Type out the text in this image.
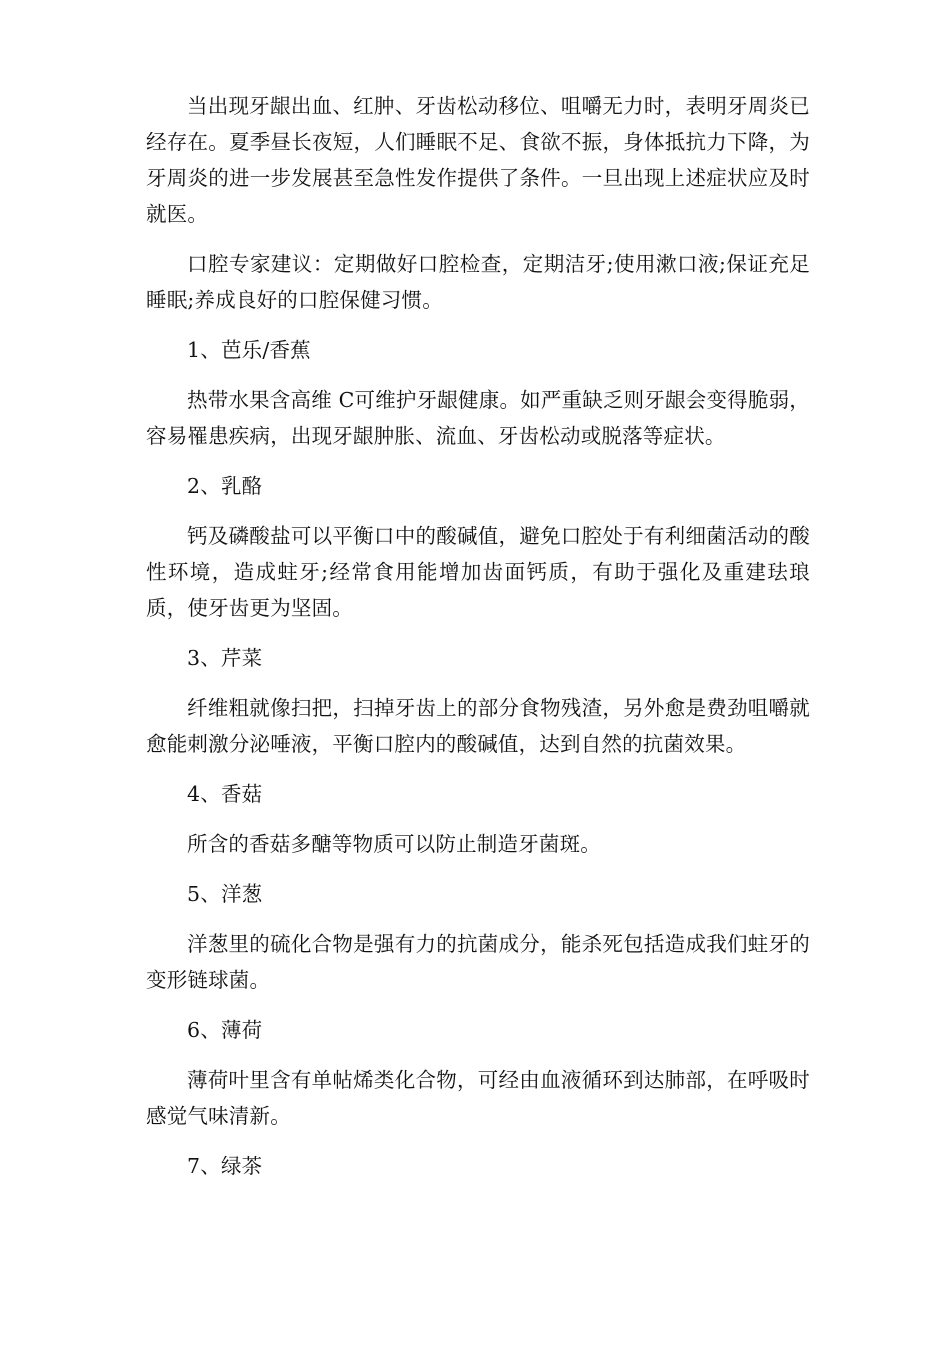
当出现牙龈出血、红肿、牙齿松动移位、咀嚼无力时，表明牙周炎已经存在。夏季昼长夜短，人们睡眠不足、食欲不振，身体抵抗力下降，为牙周炎的进一步发展甚至急性发作提供了条件。一旦出现上述症状应及时就医。

口腔专家建议：定期做好口腔检查，定期洁牙;使用漱口液;保证充足睡眠;养成良好的口腔保健习惯。

1、芭乐/香蕉

热带水果含高维 C可维护牙龈健康。如严重缺乏则牙龈会变得脆弱，容易罹患疾病，出现牙龈肿胀、流血、牙齿松动或脱落等症状。

2、乳酪

钙及磷酸盐可以平衡口中的酸碱值，避免口腔处于有利细菌活动的酸性环境，造成蛀牙;经常食用能增加齿面钙质，有助于强化及重建珐琅质，使牙齿更为坚固。

3、芹菜

纤维粗就像扫把，扫掉牙齿上的部分食物残渣，另外愈是费劲咀嚼就愈能刺激分泌唾液，平衡口腔内的酸碱值，达到自然的抗菌效果。

4、香菇

所含的香菇多醣等物质可以防止制造牙菌斑。

5、洋葱

洋葱里的硫化合物是强有力的抗菌成分，能杀死包括造成我们蛀牙的变形链球菌。

6、薄荷

薄荷叶里含有单帖烯类化合物，可经由血液循环到达肺部，在呼吸时感觉气味清新。

7、绿茶
